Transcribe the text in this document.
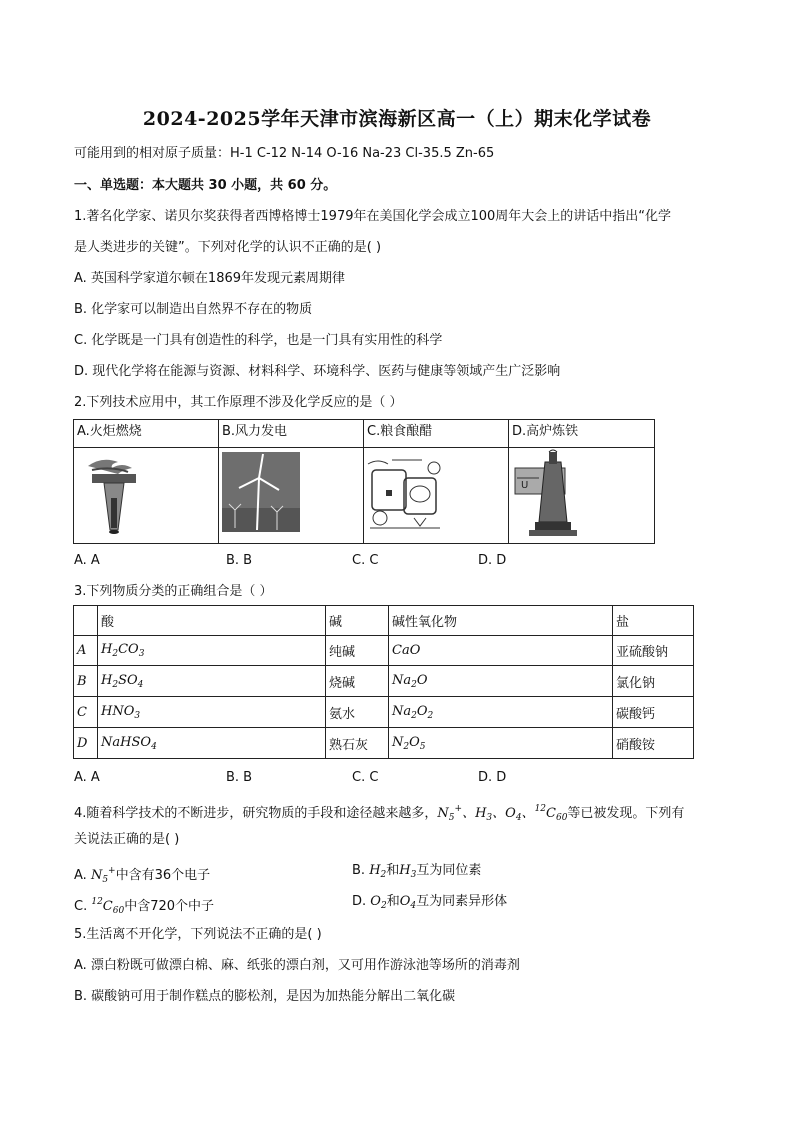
2024-2025学年天津市滨海新区高一（上）期末化学试卷
可能用到的相对原子质量：H-1 C-12 N-14 O-16 Na-23 Cl-35.5 Zn-65
一、单选题：本大题共 30 小题，共 60 分。
1.著名化学家、诺贝尔奖获得者西博格博士1979年在美国化学会成立100周年大会上的讲话中指出“化学
是人类进步的关键”。下列对化学的认识不正确的是( )
A. 英国科学家道尔顿在1869年发现元素周期律
B. 化学家可以制造出自然界不存在的物质
C. 化学既是一门具有创造性的科学，也是一门具有实用性的科学
D. 现代化学将在能源与资源、材料科学、环境科学、医药与健康等领域产生广泛影响
2.下列技术应用中，其工作原理不涉及化学反应的是（ ）
A.火炬燃烧	B.风力发电	C.粮食酿醋	D.高炉炼铁

U
A. A	B. B	C. C	D. D
3.下列物质分类的正确组合是（ ）
	酸	碱	碱性氧化物	盐
A	$H_2CO_3$	纯碱	CaO	亚硫酸钠
B	$H_2SO_4$	烧碱	$Na_2O$	氯化钠
C	$HNO_3$	氨水	$Na_2O_2$	碳酸钙
D	NaHSO$_4$	熟石灰	$N_2O_5$	硝酸铵
A. A	B. B	C. C	D. D
4.随着科学技术的不断进步，研究物质的手段和途径越来越多，$N_5^+$、$H_3$、$O_4$、$^{12}C_{60}$等已被发现。下列有
关说法正确的是( )
A. $N_5^+$中含有36个电子	B. $H_2$和$H_3$互为同位素
C. $^{12}C_{60}$中含720个中子	D. $O_2$和$O_4$互为同素异形体
5.生活离不开化学，下列说法不正确的是( )
A. 漂白粉既可做漂白棉、麻、纸张的漂白剂，又可用作游泳池等场所的消毒剂
B. 碳酸钠可用于制作糕点的膨松剂，是因为加热能分解出二氧化碳
